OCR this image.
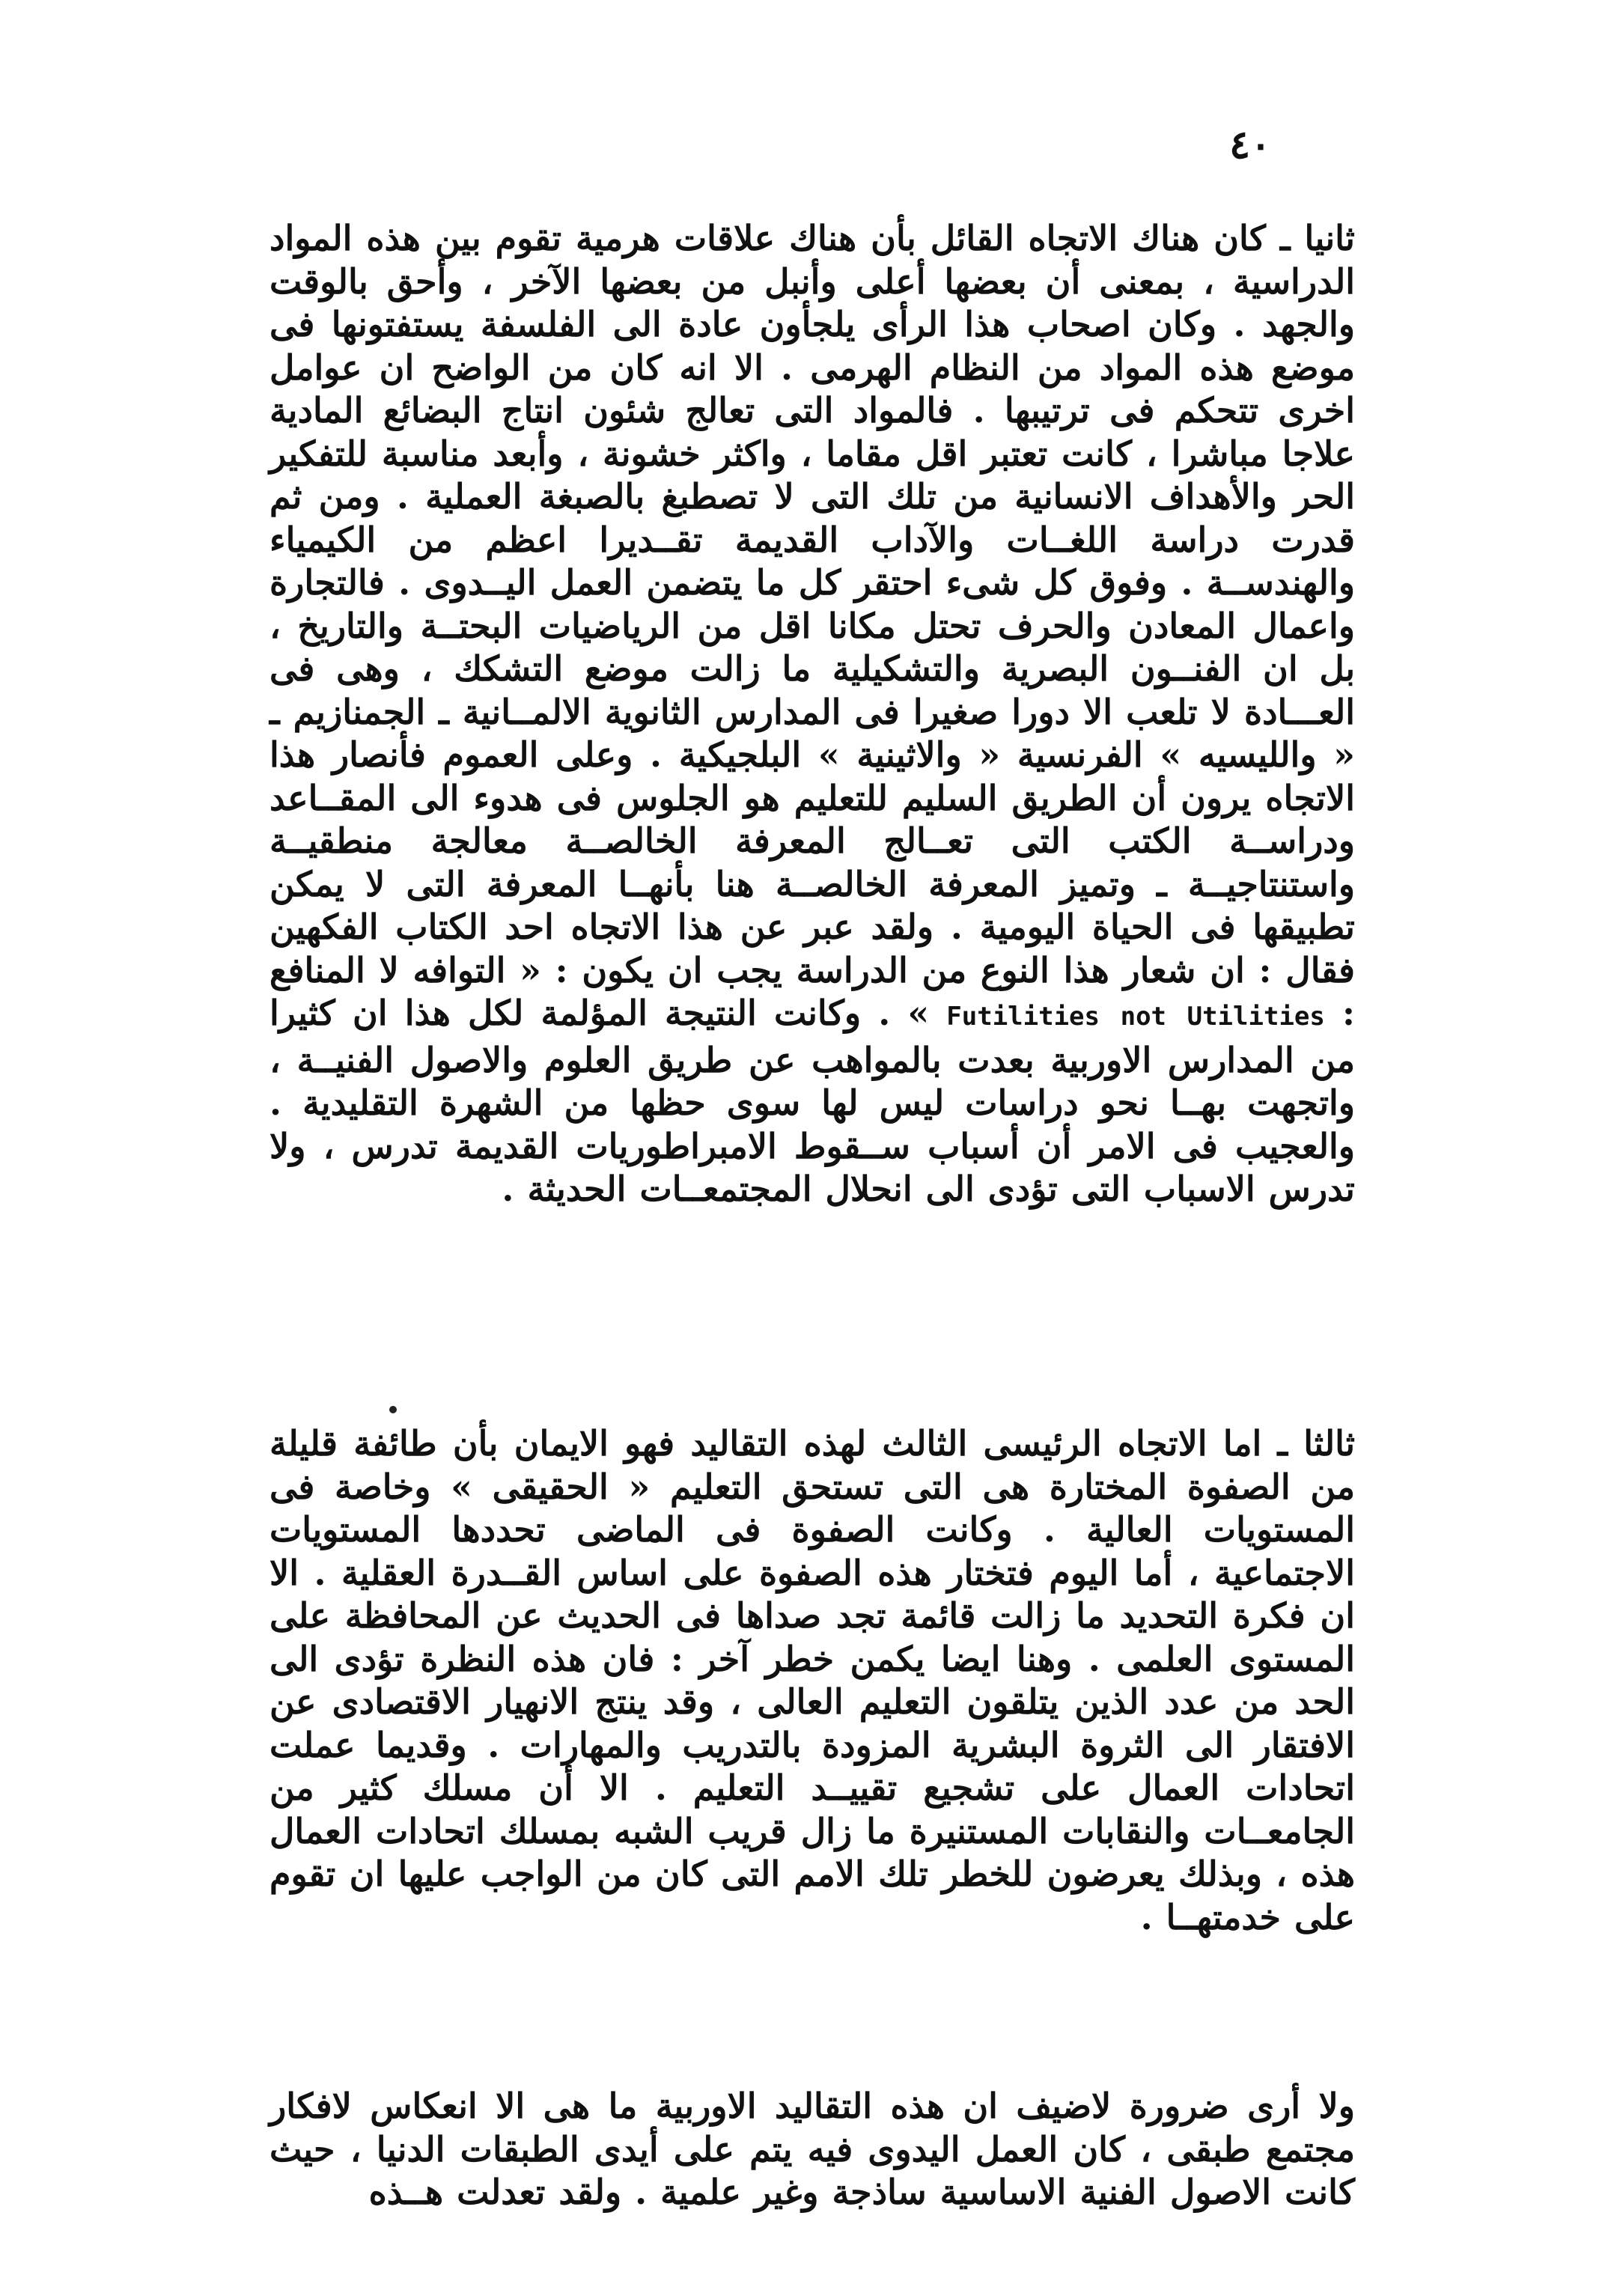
٤٠
ثانيا ـ كان هناك الاتجاه القائل بأن هناك علاقات هرمية تقوم بين هذه المواد الدراسية ، بمعنى أن بعضها أعلى وأنبل من بعضها الآخر ، وأحق بالوقت والجهد . وكان اصحاب هذا الرأى يلجأون عادة الى الفلسفة يستفتونها فى موضع هذه المواد من النظام الهرمى . الا انه كان من الواضح ان عوامل اخرى تتحكم فى ترتيبها . فالمواد التى تعالج شئون انتاج البضائع المادية علاجا مباشرا ، كانت تعتبر اقل مقاما ، واكثر خشونة ، وأبعد مناسبة للتفكير الحر والأهداف الانسانية من تلك التى لا تصطبغ بالصبغة العملية . ومن ثم قدرت دراسة اللغــات والآداب القديمة تقــديرا اعظم من الكيمياء والهندســة . وفوق كل شىء احتقر كل ما يتضمن العمل اليــدوى . فالتجارة واعمال المعادن والحرف تحتل مكانا اقل من الرياضيات البحتــة والتاريخ ، بل ان الفنــون البصرية والتشكيلية ما زالت موضع التشكك ، وهى فى العـــادة لا تلعب الا دورا صغيرا فى المدارس الثانوية الالمــانية ـ الجمنازيم ـ « والليسيه » الفرنسية « والاثينية » البلجيكية . وعلى العموم فأنصار هذا الاتجاه يرون أن الطريق السليم للتعليم هو الجلوس فى هدوء الى المقــاعد ودراســة الكتب التى تعــالج المعرفة الخالصــة معالجة منطقيــة واستنتاجيــة ـ وتميز المعرفة الخالصــة هنا بأنهــا المعرفة التى لا يمكن تطبيقها فى الحياة اليومية . ولقد عبر عن هذا الاتجاه احد الكتاب الفكهين فقال : ان شعار هذا النوع من الدراسة يجب ان يكون : « التوافه لا المنافع : Futilities not Utilities » . وكانت النتيجة المؤلمة لكل هذا ان كثيرا من المدارس الاوربية بعدت بالمواهب عن طريق العلوم والاصول الفنيــة ، واتجهت بهــا نحو دراسات ليس لها سوى حظها من الشهرة التقليدية . والعجيب فى الامر أن أسباب ســقوط الامبراطوريات القديمة تدرس ، ولا تدرس الاسباب التى تؤدى الى انحلال المجتمعــات الحديثة .
ثالثا ـ اما الاتجاه الرئيسى الثالث لهذه التقاليد فهو الايمان بأن طائفة قليلة من الصفوة المختارة هى التى تستحق التعليم « الحقيقى » وخاصة فى المستويات العالية . وكانت الصفوة فى الماضى تحددها المستويات الاجتماعية ، أما اليوم فتختار هذه الصفوة على اساس القــدرة العقلية . الا ان فكرة التحديد ما زالت قائمة تجد صداها فى الحديث عن المحافظة على المستوى العلمى . وهنا ايضا يكمن خطر آخر : فان هذه النظرة تؤدى الى الحد من عدد الذين يتلقون التعليم العالى ، وقد ينتج الانهيار الاقتصادى عن الافتقار الى الثروة البشرية المزودة بالتدريب والمهارات . وقديما عملت اتحادات العمال على تشجيع تقييــد التعليم . الا أن مسلك كثير من الجامعــات والنقابات المستنيرة ما زال قريب الشبه بمسلك اتحادات العمال هذه ، وبذلك يعرضون للخطر تلك الامم التى كان من الواجب عليها ان تقوم على خدمتهــا .
ولا أرى ضرورة لاضيف ان هذه التقاليد الاوربية ما هى الا انعكاس لافكار مجتمع طبقى ، كان العمل اليدوى فيه يتم على أيدى الطبقات الدنيا ، حيث كانت الاصول الفنية الاساسية ساذجة وغير علمية . ولقد تعدلت هــذه
